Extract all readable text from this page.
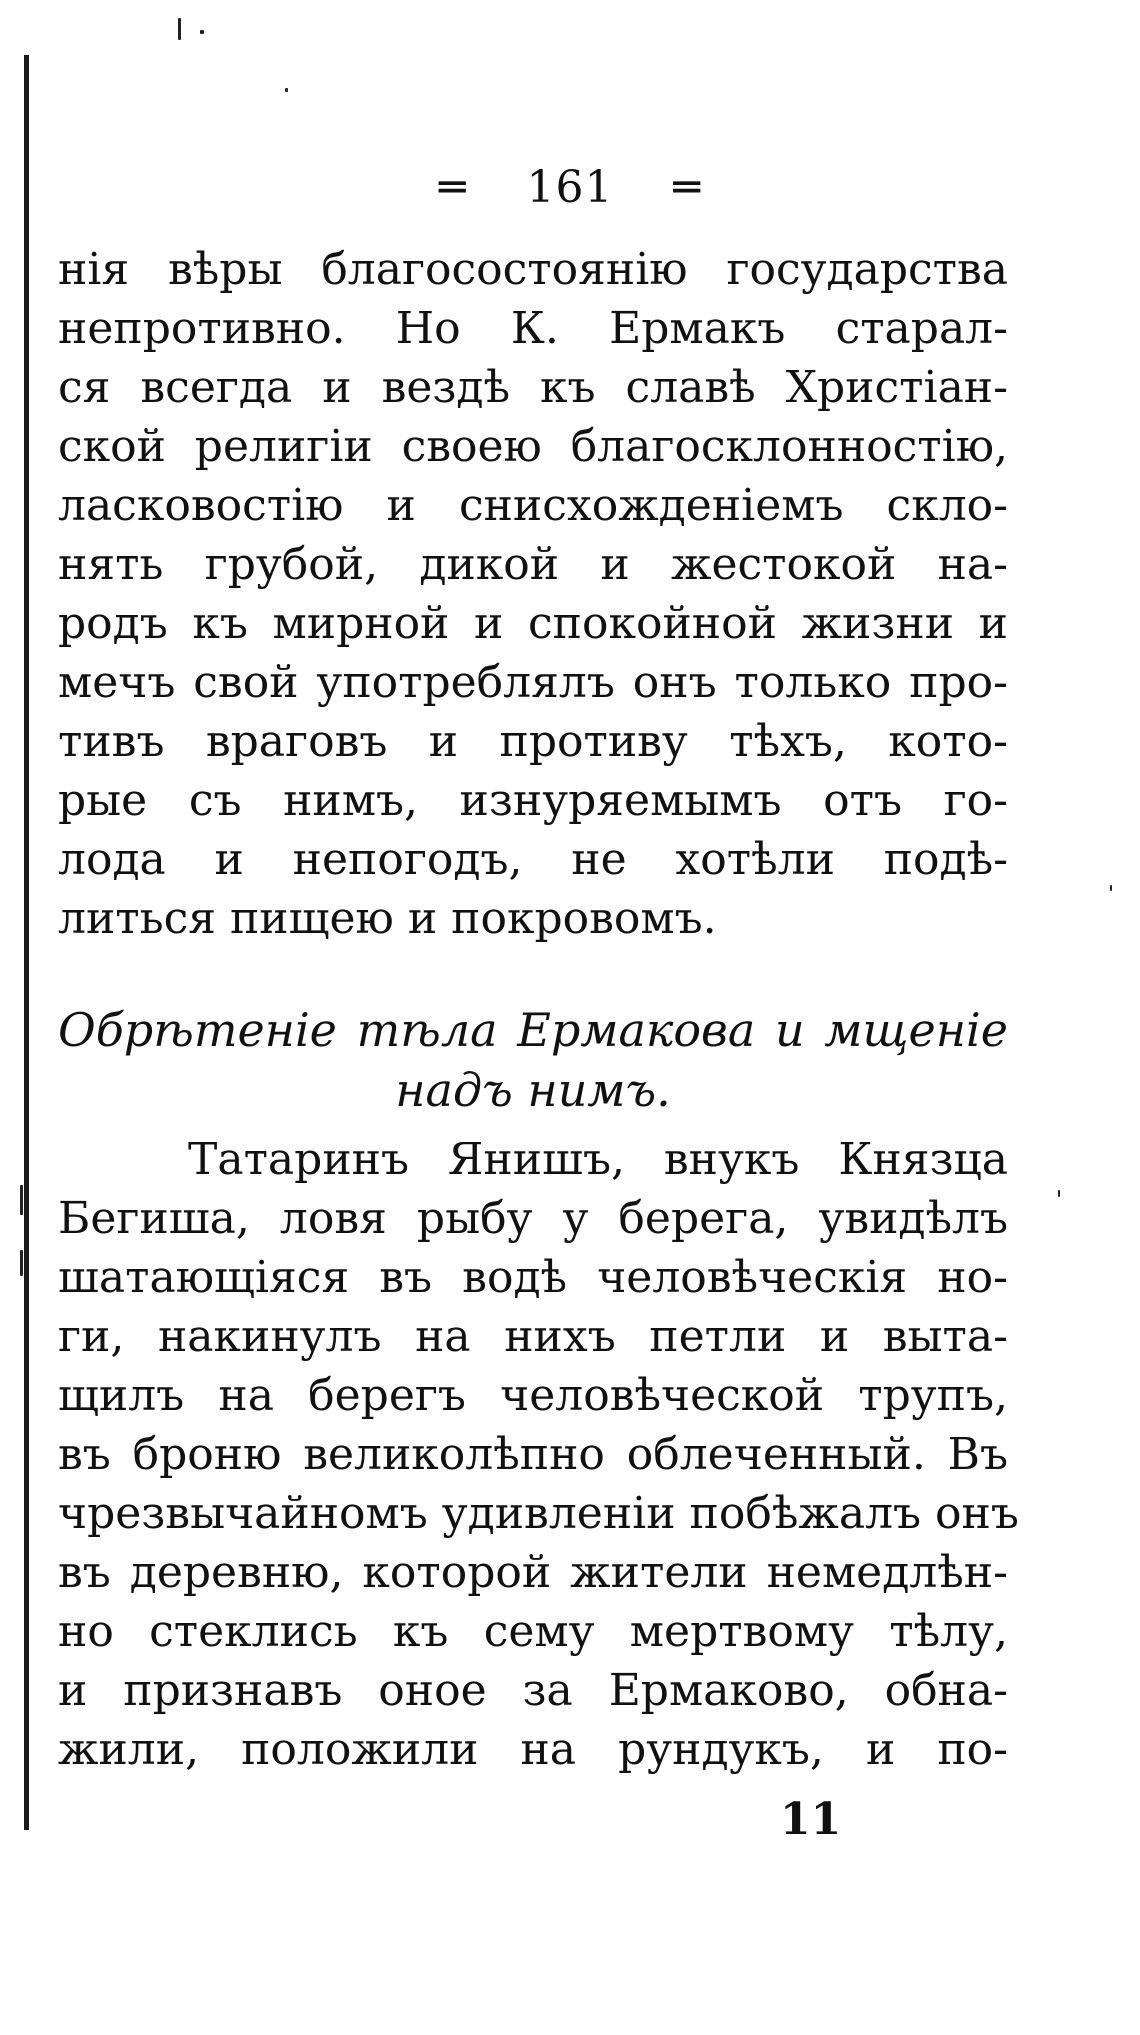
═ 161 ═
нія вѣры благосостоянію государства
непротивно. Но К. Ермакъ старал-
ся всегда и вездѣ къ славѣ Христіан-
ской религіи своею благосклонностію,
ласковостію и снисхожденіемъ скло-
нять грубой, дикой и жестокой на-
родъ къ мирной и спокойной жизни и
мечъ свой употреблялъ онъ только про-
тивъ враговъ и противу тѣхъ, кото-
рые съ нимъ, изнуряемымъ отъ го-
лода и непогодъ, не хотѣли подѣ-
литься пищею и покровомъ.
Обрѣтеніе тѣла Ермакова и мщеніе
надъ нимъ.
Татаринъ Янишъ, внукъ Князца
Бегиша, ловя рыбу у берега, увидѣлъ
шатающіяся въ водѣ человѣческія но-
ги, накинулъ на нихъ петли и выта-
щилъ на берегъ человѣческой трупъ,
въ броню великолѣпно облеченный. Въ
чрезвычайномъ удивленіи побѣжалъ онъ
въ деревню, которой жители немедлѣн-
но стеклись къ сему мертвому тѣлу,
и признавъ оное за Ермаково, обна-
жили, положили на рундукъ, и по-
11
